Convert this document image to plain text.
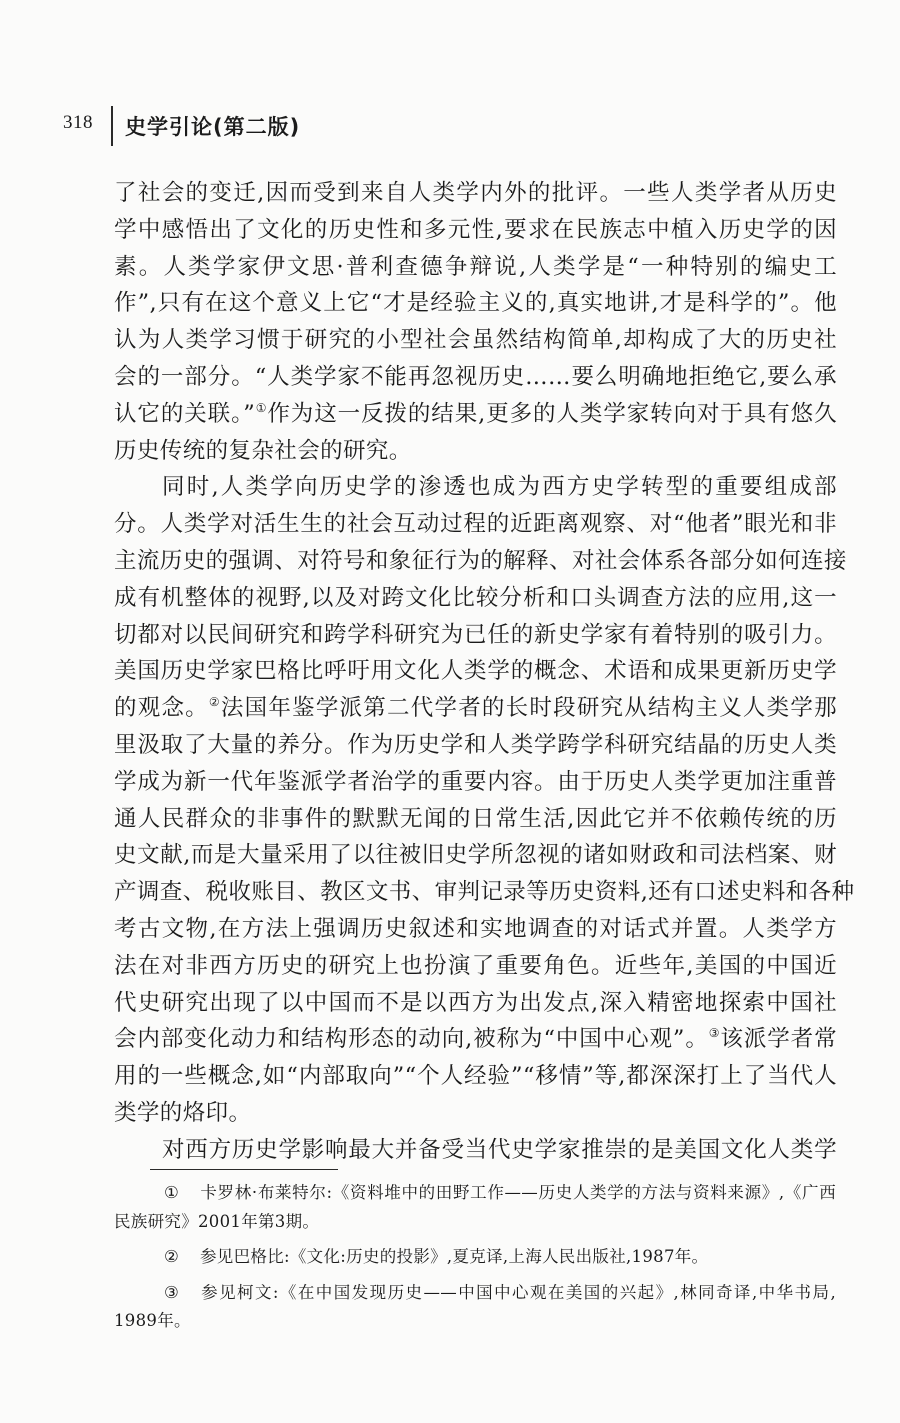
318 史学引论(第二版)
了社会的变迁,因而受到来自人类学内外的批评。一些人类学者从历史
学中感悟出了文化的历史性和多元性,要求在民族志中植入历史学的因
素。人类学家伊文思·普利查德争辩说,人类学是“一种特别的编史工
作”,只有在这个意义上它“才是经验主义的,真实地讲,才是科学的”。他
认为人类学习惯于研究的小型社会虽然结构简单,却构成了大的历史社
会的一部分。“人类学家不能再忽视历史……要么明确地拒绝它,要么承
认它的关联。”①作为这一反拨的结果,更多的人类学家转向对于具有悠久
历史传统的复杂社会的研究。
同时,人类学向历史学的渗透也成为西方史学转型的重要组成部
分。人类学对活生生的社会互动过程的近距离观察、对“他者”眼光和非
主流历史的强调、对符号和象征行为的解释、对社会体系各部分如何连接
成有机整体的视野,以及对跨文化比较分析和口头调查方法的应用,这一
切都对以民间研究和跨学科研究为已任的新史学家有着特别的吸引力。
美国历史学家巴格比呼吁用文化人类学的概念、术语和成果更新历史学
的观念。②法国年鉴学派第二代学者的长时段研究从结构主义人类学那
里汲取了大量的养分。作为历史学和人类学跨学科研究结晶的历史人类
学成为新一代年鉴派学者治学的重要内容。由于历史人类学更加注重普
通人民群众的非事件的默默无闻的日常生活,因此它并不依赖传统的历
史文献,而是大量采用了以往被旧史学所忽视的诸如财政和司法档案、财
产调查、税收账目、教区文书、审判记录等历史资料,还有口述史料和各种
考古文物,在方法上强调历史叙述和实地调查的对话式并置。人类学方
法在对非西方历史的研究上也扮演了重要角色。近些年,美国的中国近
代史研究出现了以中国而不是以西方为出发点,深入精密地探索中国社
会内部变化动力和结构形态的动向,被称为“中国中心观”。③该派学者常
用的一些概念,如“内部取向”“个人经验”“移情”等,都深深打上了当代人
类学的烙印。
对西方历史学影响最大并备受当代史学家推崇的是美国文化人类学
① 卡罗林·布莱特尔:《资料堆中的田野工作——历史人类学的方法与资料来源》,《广西
民族研究》2001年第3期。
② 参见巴格比:《文化:历史的投影》,夏克译,上海人民出版社,1987年。
③ 参见柯文:《在中国发现历史——中国中心观在美国的兴起》,林同奇译,中华书局,
1989年。
